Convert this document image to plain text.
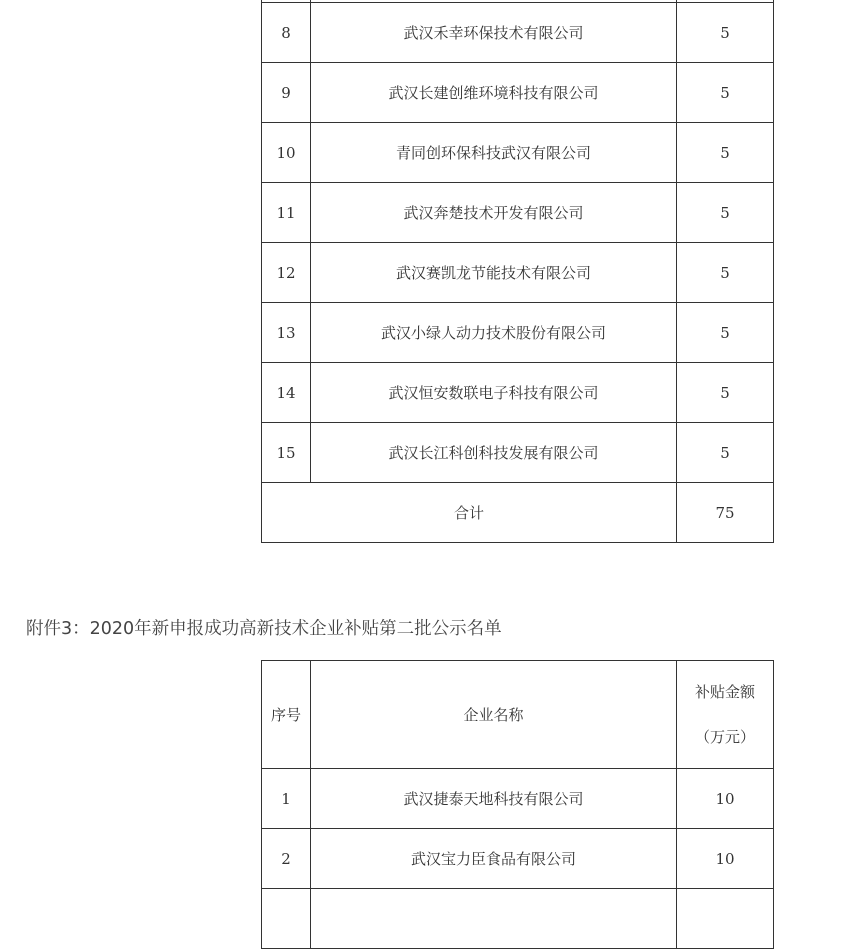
8	武汉禾幸环保技术有限公司	5
9	武汉长建创维环境科技有限公司	5
10	青同创环保科技武汉有限公司	5
11	武汉奔楚技术开发有限公司	5
12	武汉赛凯龙节能技术有限公司	5
13	武汉小绿人动力技术股份有限公司	5
14	武汉恒安数联电子科技有限公司	5
15	武汉长江科创科技发展有限公司	5
合计		75
附件3：2020年新申报成功高新技术企业补贴第二批公示名单
序号	企业名称	补贴金额
（万元）

1	武汉捷泰天地科技有限公司	10
2	武汉宝力臣食品有限公司	10
